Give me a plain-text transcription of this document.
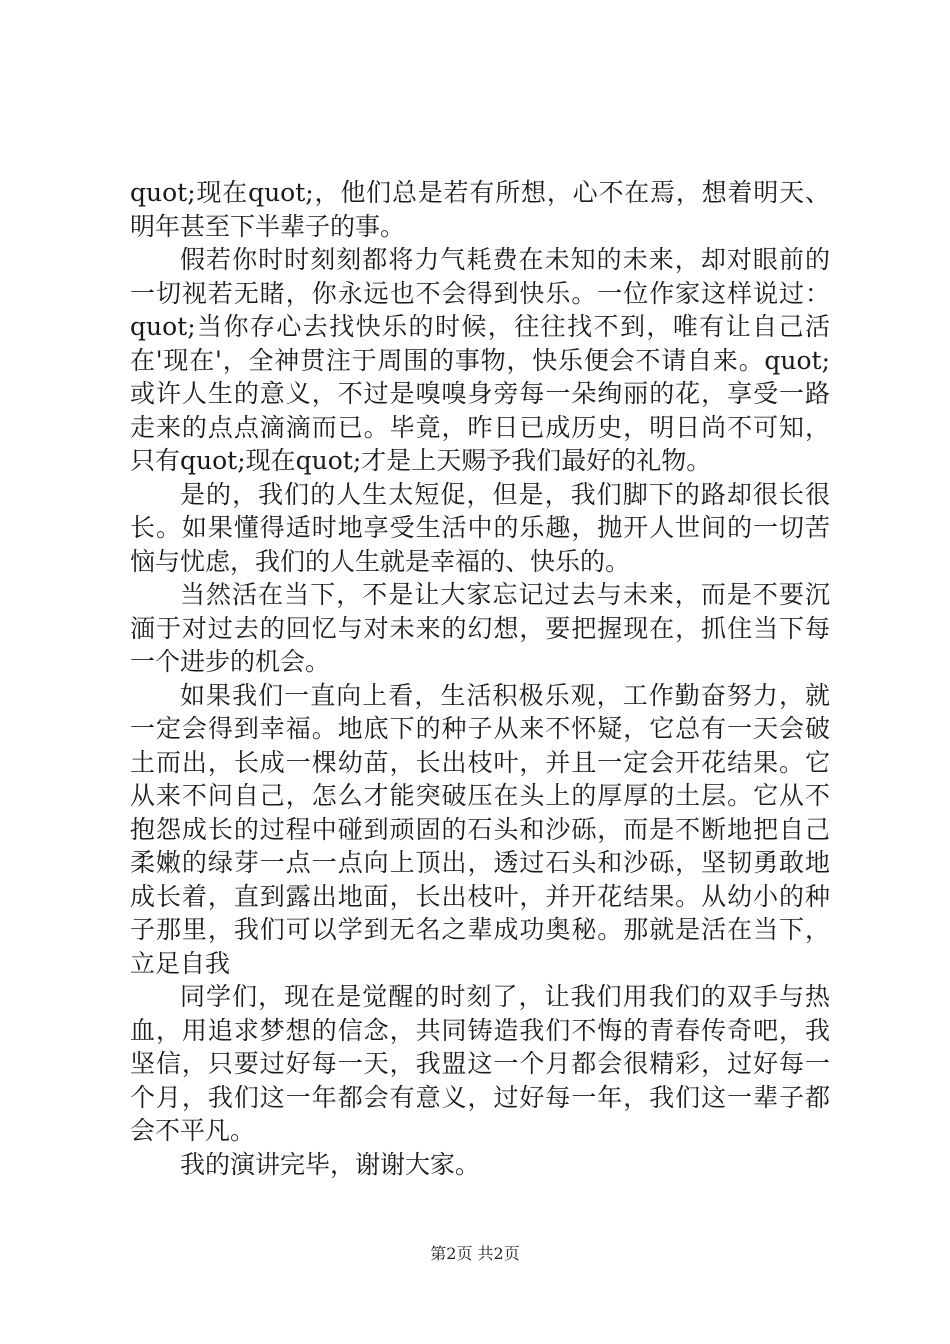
quot;现在quot;，他们总是若有所想，心不在焉，想着明天、
明年甚至下半辈子的事。
假若你时时刻刻都将力气耗费在未知的未来，却对眼前的
一切视若无睹，你永远也不会得到快乐。一位作家这样说过：
quot;当你存心去找快乐的时候，往往找不到，唯有让自己活
在'现在'，全神贯注于周围的事物，快乐便会不请自来。quot;
或许人生的意义，不过是嗅嗅身旁每一朵绚丽的花，享受一路
走来的点点滴滴而已。毕竟，昨日已成历史，明日尚不可知，
只有quot;现在quot;才是上天赐予我们最好的礼物。
是的，我们的人生太短促，但是，我们脚下的路却很长很
长。如果懂得适时地享受生活中的乐趣，抛开人世间的一切苦
恼与忧虑，我们的人生就是幸福的、快乐的。
当然活在当下，不是让大家忘记过去与未来，而是不要沉
湎于对过去的回忆与对未来的幻想，要把握现在，抓住当下每
一个进步的机会。
如果我们一直向上看，生活积极乐观，工作勤奋努力，就
一定会得到幸福。地底下的种子从来不怀疑，它总有一天会破
土而出，长成一棵幼苗，长出枝叶，并且一定会开花结果。它
从来不问自己，怎么才能突破压在头上的厚厚的土层。它从不
抱怨成长的过程中碰到顽固的石头和沙砾，而是不断地把自己
柔嫩的绿芽一点一点向上顶出，透过石头和沙砾，坚韧勇敢地
成长着，直到露出地面，长出枝叶，并开花结果。从幼小的种
子那里，我们可以学到无名之辈成功奥秘。那就是活在当下，
立足自我
同学们，现在是觉醒的时刻了，让我们用我们的双手与热
血，用追求梦想的信念，共同铸造我们不悔的青春传奇吧，我
坚信，只要过好每一天，我盟这一个月都会很精彩，过好每一
个月，我们这一年都会有意义，过好每一年，我们这一辈子都
会不平凡。
我的演讲完毕，谢谢大家。
第2页 共2页
